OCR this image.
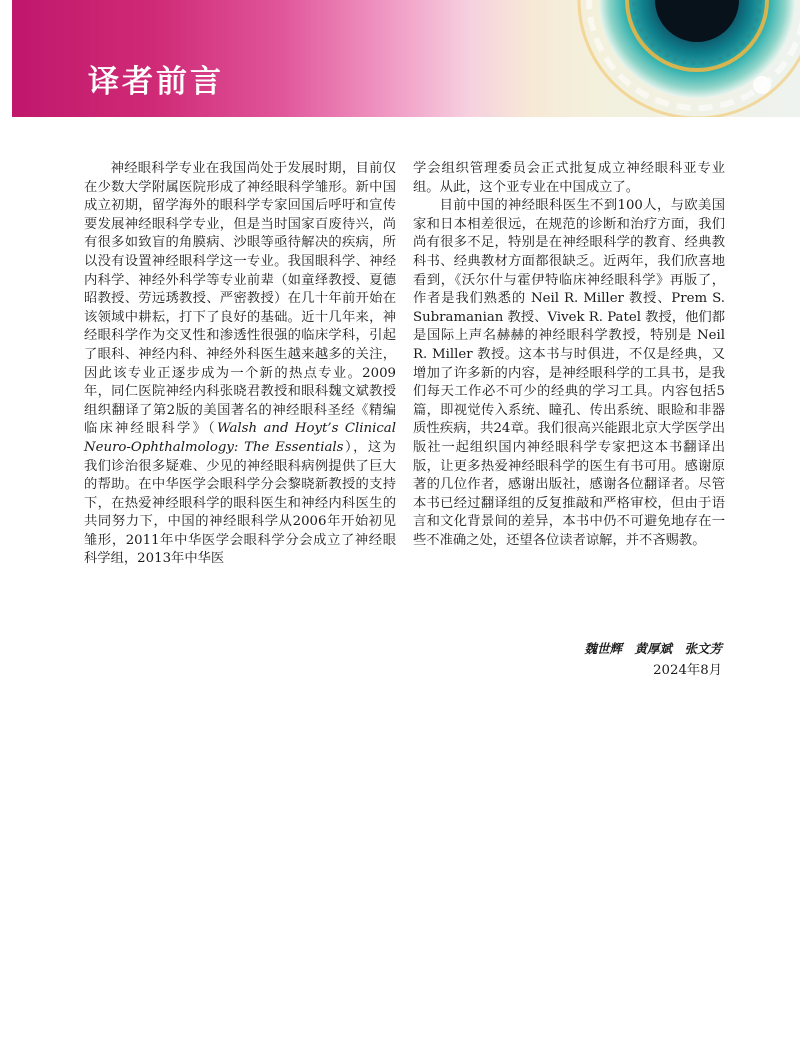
译者前言

神经眼科学专业在我国尚处于发展时期，目前仅在少数大学附属医院形成了神经眼科学雏形。新中国成立初期，留学海外的眼科学专家回国后呼吁和宣传要发展神经眼科学专业，但是当时国家百废待兴，尚有很多如致盲的角膜病、沙眼等亟待解决的疾病，所以没有设置神经眼科学这一专业。我国眼科学、神经内科学、神经外科学等专业前辈（如童绎教授、夏德昭教授、劳远琇教授、严密教授）在几十年前开始在该领域中耕耘，打下了良好的基础。近十几年来，神经眼科学作为交叉性和渗透性很强的临床学科，引起了眼科、神经内科、神经外科医生越来越多的关注，因此该专业正逐步成为一个新的热点专业。2009年，同仁医院神经内科张晓君教授和眼科魏文斌教授组织翻译了第2版的美国著名的神经眼科圣经《精编临床神经眼科学》（Walsh and Hoyt’s Clinical Neuro-Ophthalmology: The Essentials），这为我们诊治很多疑难、少见的神经眼科病例提供了巨大的帮助。在中华医学会眼科学分会黎晓新教授的支持下，在热爱神经眼科学的眼科医生和神经内科医生的共同努力下，中国的神经眼科学从2006年开始初见雏形，2011年中华医学会眼科学分会成立了神经眼科学组，2013年中华医

学会组织管理委员会正式批复成立神经眼科亚专业组。从此，这个亚专业在中国成立了。

目前中国的神经眼科医生不到100人，与欧美国家和日本相差很远，在规范的诊断和治疗方面，我们尚有很多不足，特别是在神经眼科学的教育、经典教科书、经典教材方面都很缺乏。近两年，我们欣喜地看到，《沃尔什与霍伊特临床神经眼科学》再版了，作者是我们熟悉的 Neil R. Miller 教授、Prem S. Subramanian 教授、Vivek R. Patel 教授，他们都是国际上声名赫赫的神经眼科学教授，特别是 Neil R. Miller 教授。这本书与时俱进，不仅是经典，又增加了许多新的内容，是神经眼科学的工具书，是我们每天工作必不可少的经典的学习工具。内容包括5篇，即视觉传入系统、瞳孔、传出系统、眼睑和非器质性疾病，共24章。我们很高兴能跟北京大学医学出版社一起组织国内神经眼科学专家把这本书翻译出版，让更多热爱神经眼科学的医生有书可用。感谢原著的几位作者，感谢出版社，感谢各位翻译者。尽管本书已经过翻译组的反复推敲和严格审校，但由于语言和文化背景间的差异，本书中仍不可避免地存在一些不准确之处，还望各位读者谅解，并不吝赐教。

魏世辉　黄厚斌　张文芳
2024年8月
